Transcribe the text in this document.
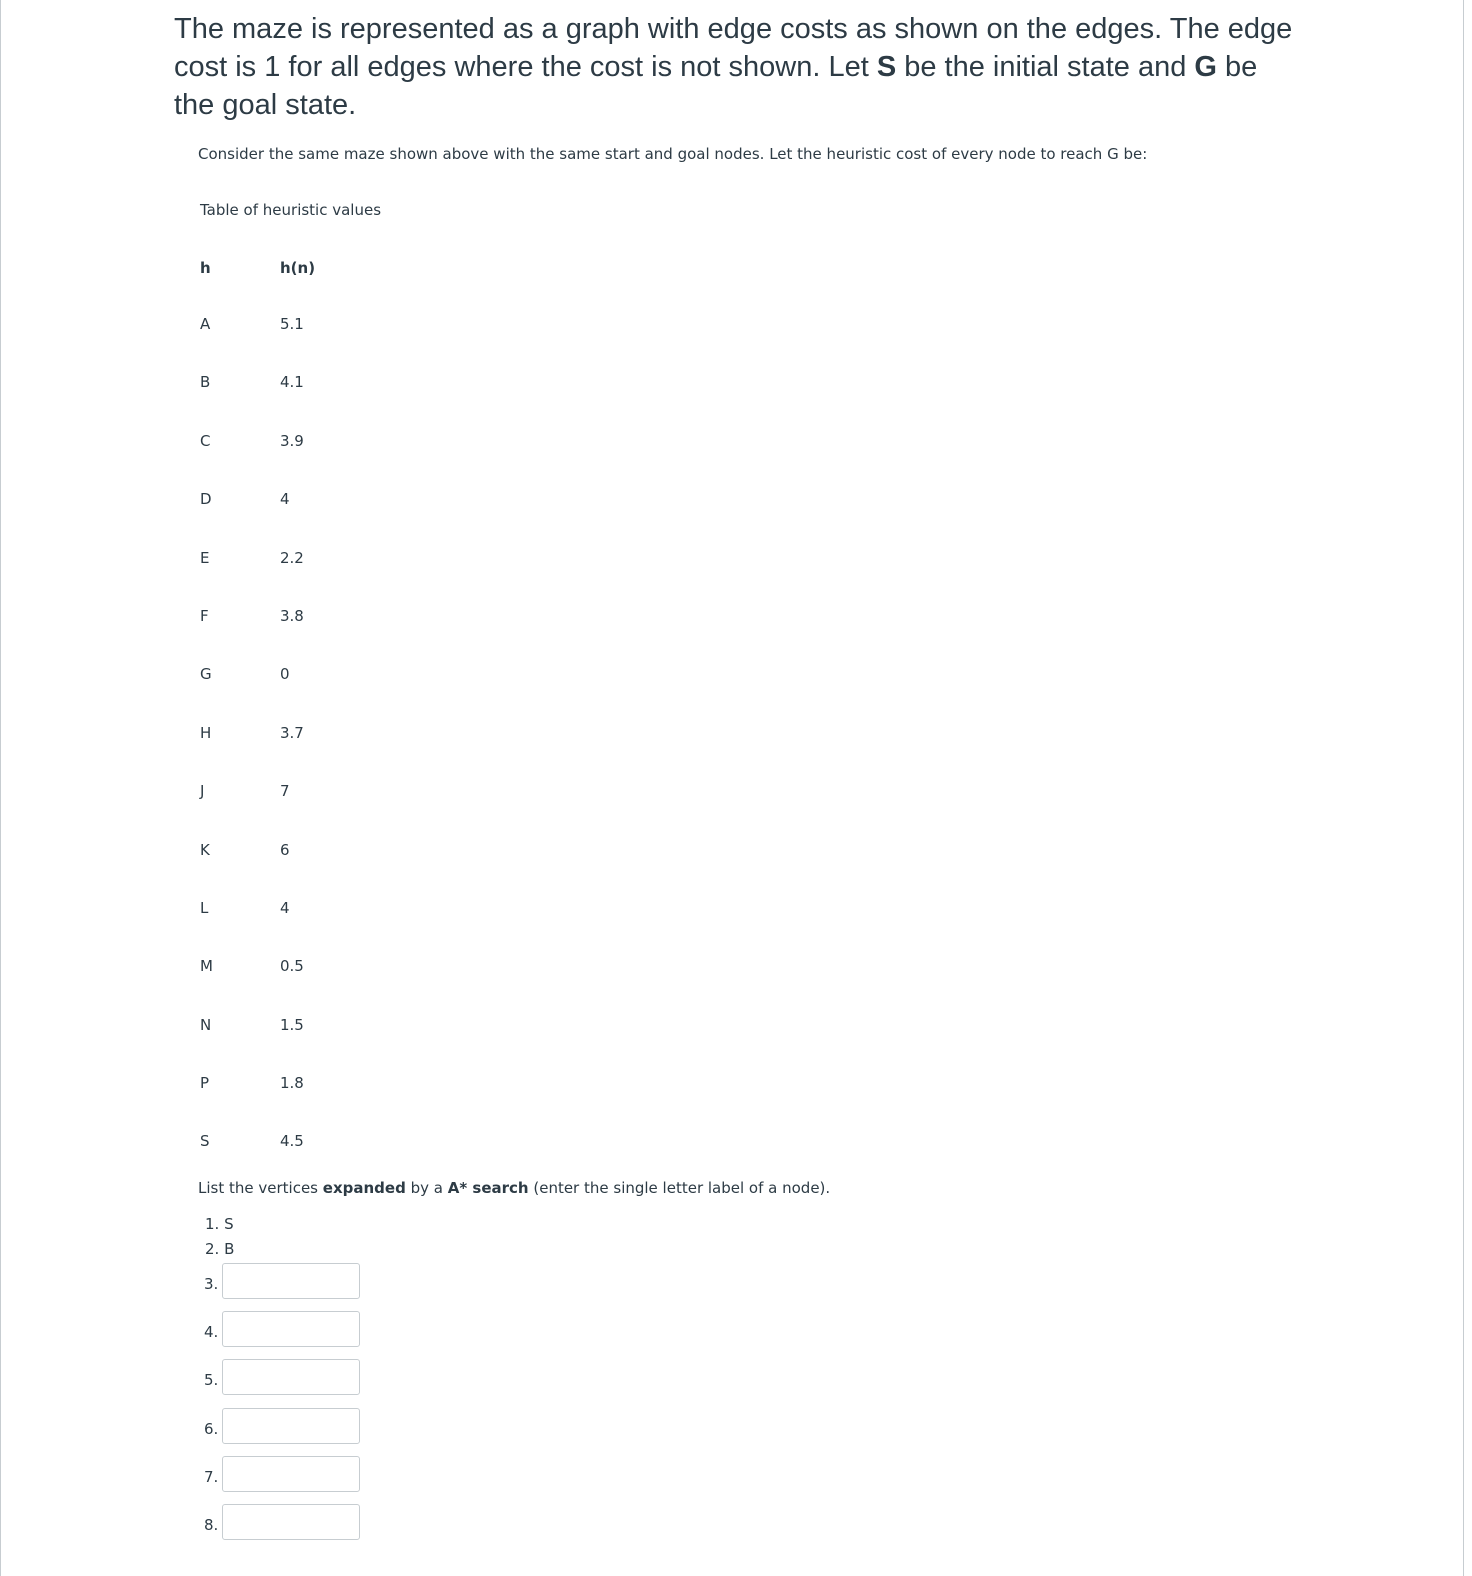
The maze is represented as a graph with edge costs as shown on the edges. The edge cost is 1 for all edges where the cost is not shown. Let S be the initial state and G be the goal state.

Consider the same maze shown above with the same start and goal nodes. Let the heuristic cost of every node to reach G be:
Table of heuristic values
h	h(n)
A	5.1
B	4.1
C	3.9
D	4
E	2.2
F	3.8
G	0
H	3.7
J	7
K	6
L	4
M	0.5
N	1.5
P	1.8
S	4.5
List the vertices expanded by a A* search (enter the single letter label of a node).
1. S
2. B
3.
4.
5.
6.
7.
8.
